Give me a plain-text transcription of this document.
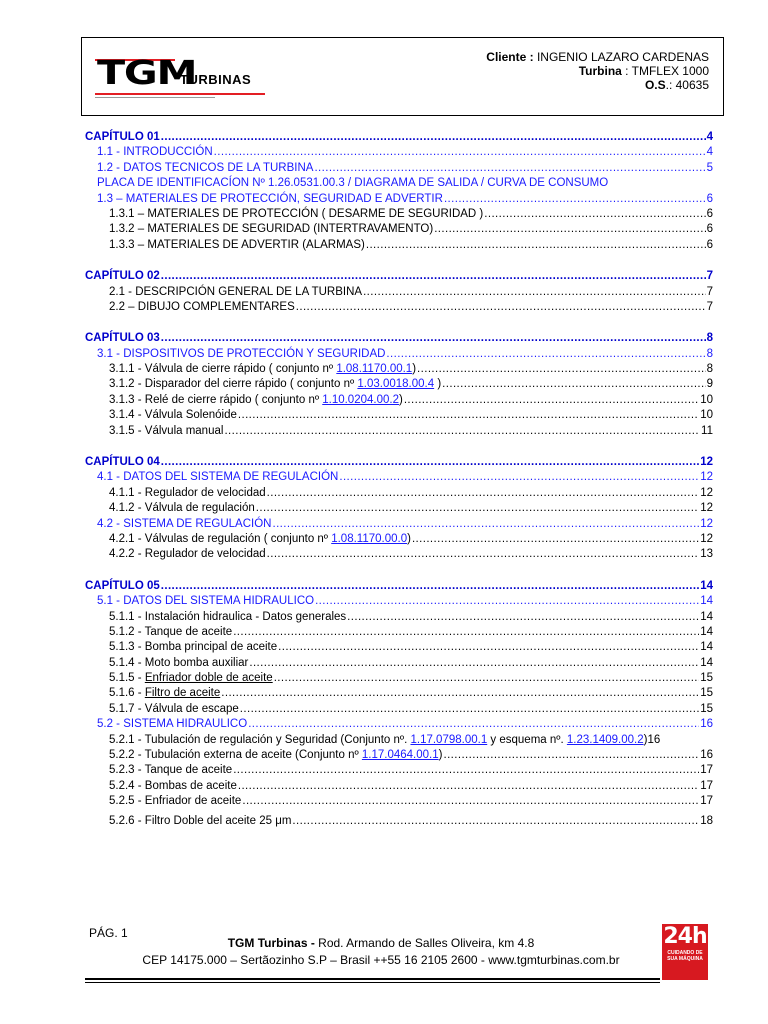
TGM
TURBINAS
Cliente : INGENIO LAZARO CARDENAS
Turbina : TMFLEX 1000
O.S.: 40635
CAPÍTULO 01 .....	4
1.1 - INTRODUCCIÓN .....	4
1.2 - DATOS TECNICOS DE LA TURBINA .....	5
PLACA DE IDENTIFICACÍON Nº 1.26.0531.00.3 / DIAGRAMA DE SALIDA / CURVA DE CONSUMO
1.3 – MATERIALES DE PROTECCIÓN, SEGURIDAD E ADVERTIR .....	6
1.3.1 – MATERIALES DE PROTECCIÓN ( DESARME DE SEGURIDAD ) .....	6
1.3.2 – MATERIALES DE SEGURIDAD (INTERTRAVAMENTO) .....	6
1.3.3 – MATERIALES DE ADVERTIR (ALARMAS) .....	6
CAPÍTULO 02 .....	7
2.1 - DESCRIPCIÓN GENERAL DE LA TURBINA .....	7
2.2 – DIBUJO COMPLEMENTARES .....	7
CAPÍTULO 03 .....	8
3.1 - DISPOSITIVOS DE PROTECCIÓN Y SEGURIDAD .....	8
3.1.1 - Válvula de cierre rápido ( conjunto nº 1.08.1170.00.1) .....	8
3.1.2 - Disparador del cierre rápido ( conjunto nº 1.03.0018.00.4 ) .....	9
3.1.3 - Relé de cierre rápido ( conjunto nº 1.10.0204.00.2) .....	10
3.1.4 - Válvula Solenóide .....	10
3.1.5 - Válvula manual .....	11
CAPÍTULO 04 .....	12
4.1 - DATOS DEL SISTEMA DE REGULACIÓN .....	12
4.1.1 - Regulador de velocidad .....	12
4.1.2 - Válvula de regulación .....	12
4.2 - SISTEMA DE REGULACIÓN .....	12
4.2.1 - Válvulas de regulación ( conjunto nº 1.08.1170.00.0) .....	12
4.2.2 - Regulador de velocidad .....	13
CAPÍTULO 05 .....	14
5.1 - DATOS DEL SISTEMA HIDRAULICO .....	14
5.1.1 - Instalación hidraulica - Datos generales .....	14
5.1.2 - Tanque de aceite .....	14
5.1.3 - Bomba principal de aceite .....	14
5.1.4 - Moto bomba auxiliar .....	14
5.1.5 - Enfriador doble de aceite .....	15
5.1.6 - Filtro de aceite .....	15
5.1.7 - Válvula de escape .....	15
5.2 - SISTEMA HIDRAULICO .....	16
5.2.1 - Tubulación de regulación y Seguridad (Conjunto nº. 1.17.0798.00.1 y esquema nº. 1.23.1409.00.2) 16
5.2.2 - Tubulación externa de aceite (Conjunto nº 1.17.0464.00.1) .....	16
5.2.3 - Tanque de aceite .....	17
5.2.4 - Bombas de aceite .....	17
5.2.5 - Enfriador de aceite .....	17
5.2.6 - Filtro Doble del aceite 25 μm .....	18
PÁG. 1
TGM Turbinas - Rod. Armando de Salles Oliveira, km 4.8
CEP 14175.000 – Sertãozinho S.P – Brasil ++55 16 2105 2600 - www.tgmturbinas.com.br
24h
CUIDANDO DE SUA MÁQUINA
